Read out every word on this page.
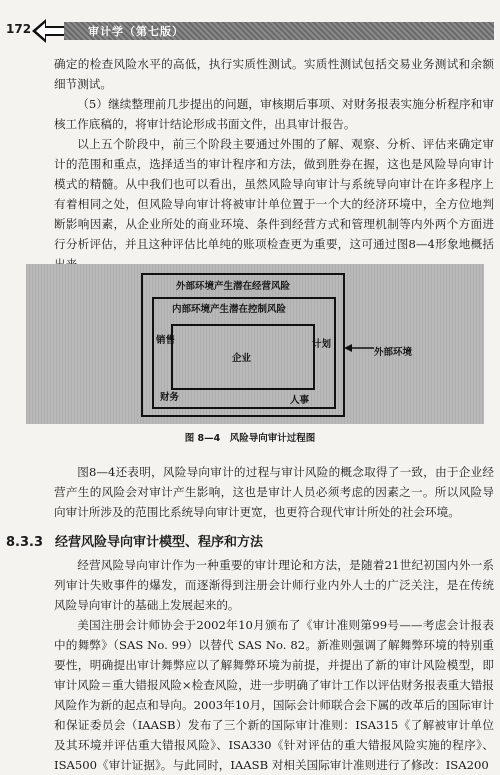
172	审计学（第七版）

确定的检查风险水平的高低，执行实质性测试。实质性测试包括交易业务测试和余额细节测试。

（5）继续整理前几步提出的问题，审核期后事项、对财务报表实施分析程序和审核工作底稿的，将审计结论形成书面文件，出具审计报告。

以上五个阶段中，前三个阶段主要通过外围的了解、观察、分析、评估来确定审计的范围和重点，选择适当的审计程序和方法，做到胜券在握，这也是风险导向审计模式的精髓。从中我们也可以看出，虽然风险导向审计与系统导向审计在许多程序上有着相同之处，但风险导向审计将被审计单位置于一个大的经济环境中，全方位地判断影响因素，从企业所处的商业环境、条件到经营方式和管理机制等内外两个方面进行分析评估，并且这种评估比单纯的账项检查更为重要，这可通过图8—4形象地概括

外部环境产生潜在经营风险
内部环境产生潜在控制风险
企业
销售	计划
财务	人事
外部环境
图 8—4　风险导向审计过程图

图8—4还表明，风险导向审计的过程与审计风险的概念取得了一致，由于企业经营产生的风险会对审计产生影响，这也是审计人员必须考虑的因素之一。所以风险导向审计所涉及的范围比系统导向审计更宽，也更符合现代审计所处的社会环境。

8.3.3 经营风险导向审计模型、程序和方法

经营风险导向审计作为一种重要的审计理论和方法，是随着21世纪初国内外一系列审计失败事件的爆发，而逐渐得到注册会计师行业内外人士的广泛关注，是在传统风险导向审计的基础上发展起来的。

美国注册会计师协会于2002年10月颁布了《审计准则第99号——考虑会计报表中的舞弊》（SAS No. 99）以替代 SAS No. 82。新准则强调了解舞弊环境的特别重要性，明确提出审计舞弊应以了解舞弊环境为前提，并提出了新的审计风险模型，即审计风险＝重大错报风险×检查风险，进一步明确了审计工作以评估财务报表重大错报风险作为新的起点和导向。2003年10月，国际会计师联合会下属的改革后的国际审计和保证委员会（IAASB）发布了三个新的国际审计准则：ISA315《了解被审计单位及其环境并评估重大错报风险》、ISA330《针对评估的重大错报风险实施的程序》、ISA500《审计证据》。与此同时，IAASB 对相关国际审计准则进行了修改：ISA200
